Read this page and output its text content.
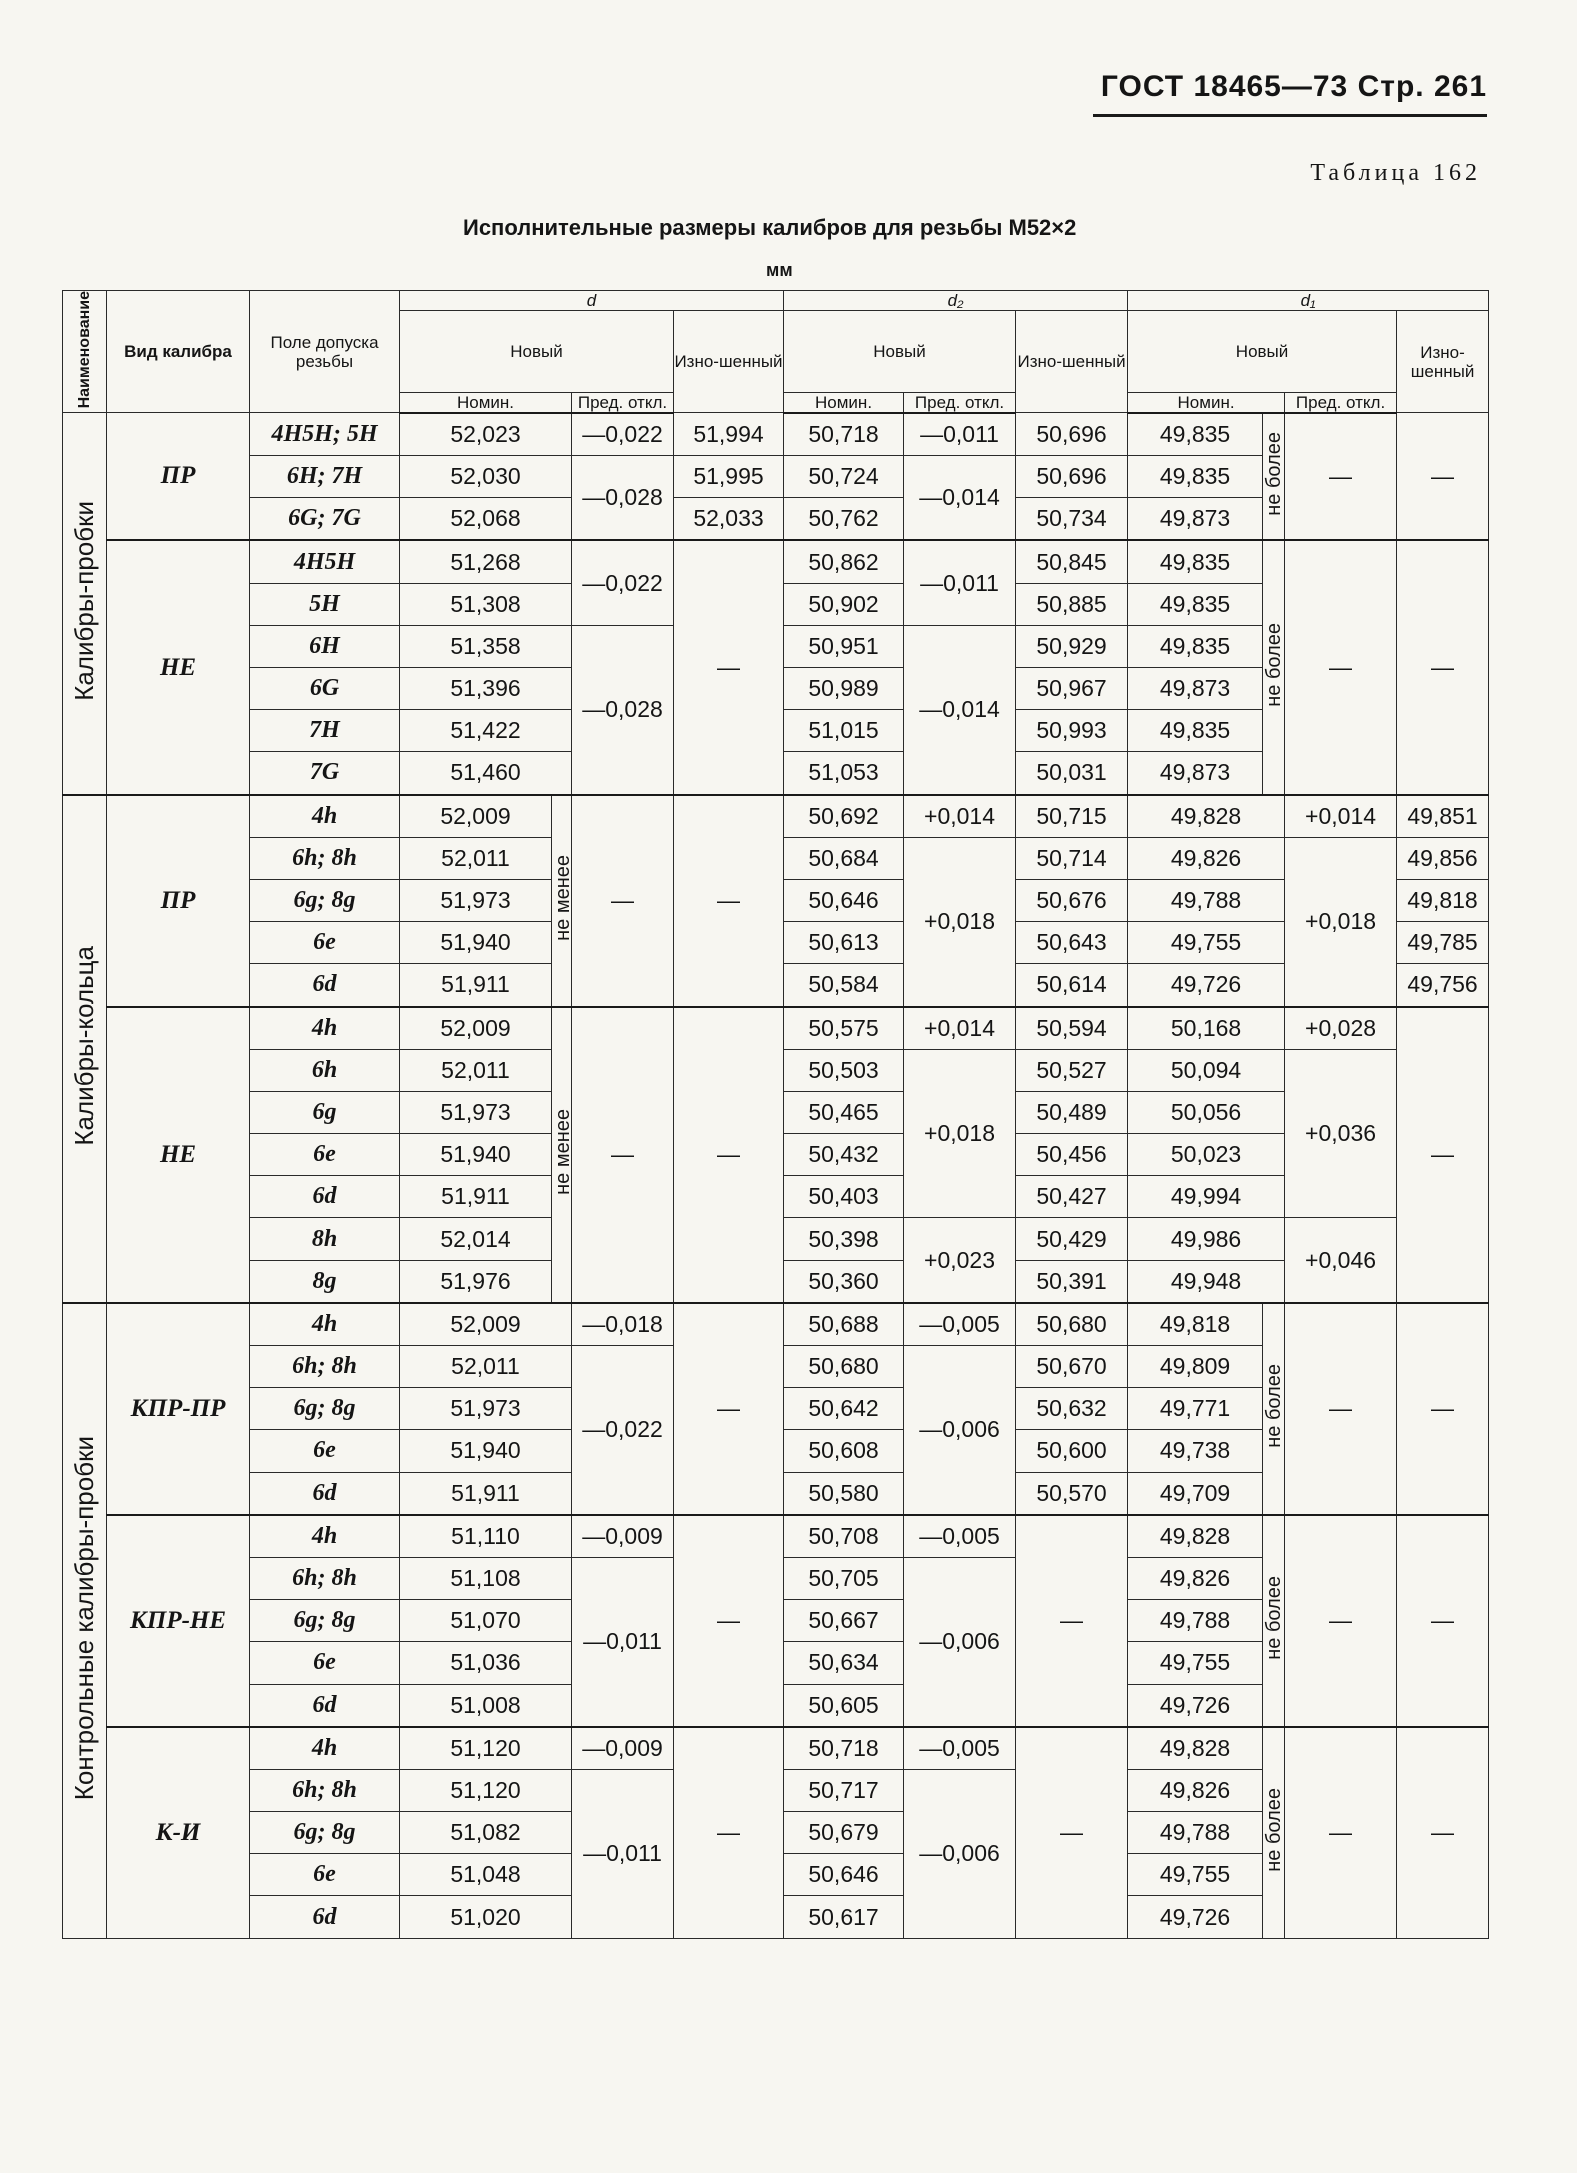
ГОСТ 18465—73 Стр. 261
Таблица 162
Исполнительные размеры калибров для резьбы М52×2
мм
Наименование	Вид калибра	Поле допуска резьбы	d				d₂			d₁			
			Новый			Изно-шенный	Новый		Изно-шенный	Новый			Изно-шенный
			Номин.		Пред. откл.		Номин.	Пред. откл.		Номин.		Пред. откл.	
Калибры-пробки	ПР	4H5H; 5H	52,023		—0,022	51,994	50,718	—0,011	50,696	49,835	не более	—	—
		6H; 7H	52,030		—0,028	51,995	50,724	—0,014	50,696	49,835			
		6G; 7G	52,068			52,033	50,762		50,734	49,873			
	НЕ	4H5H	51,268		—0,022	—	50,862	—0,011	50,845	49,835	не более	—	—
		5H	51,308				50,902		50,885	49,835			
		6H	51,358		—0,028		50,951	—0,014	50,929	49,835			
		6G	51,396				50,989		50,967	49,873			
		7H	51,422				51,015		50,993	49,835			
		7G	51,460				51,053		50,031	49,873			
Калибры-кольца	ПР	4h	52,009	не менее	—	—	50,692	+0,014	50,715	49,828		+0,014	49,851
		6h; 8h	52,011				50,684	+0,018	50,714	49,826		+0,018	49,856
		6g; 8g	51,973				50,646		50,676	49,788			49,818
		6e	51,940				50,613		50,643	49,755			49,785
		6d	51,911				50,584		50,614	49,726			49,756
	НЕ	4h	52,009	не менее	—	—	50,575	+0,014	50,594	50,168		+0,028	—
		6h	52,011				50,503	+0,018	50,527	50,094		+0,036	
		6g	51,973				50,465		50,489	50,056			
		6e	51,940				50,432		50,456	50,023			
		6d	51,911				50,403		50,427	49,994			
		8h	52,014				50,398	+0,023	50,429	49,986		+0,046	
		8g	51,976				50,360		50,391	49,948			
Контрольные калибры-пробки	КПР-ПР	4h	52,009		—0,018	—	50,688	—0,005	50,680	49,818	не более	—	—
		6h; 8h	52,011		—0,022		50,680	—0,006	50,670	49,809			
		6g; 8g	51,973				50,642		50,632	49,771			
		6e	51,940				50,608		50,600	49,738			
		6d	51,911				50,580		50,570	49,709			
	КПР-НЕ	4h	51,110		—0,009	—	50,708	—0,005	—	49,828	не более	—	—
		6h; 8h	51,108		—0,011		50,705	—0,006		49,826			
		6g; 8g	51,070				50,667			49,788			
		6e	51,036				50,634			49,755			
		6d	51,008				50,605			49,726			
	К-И	4h	51,120		—0,009	—	50,718	—0,005	—	49,828	не более	—	—
		6h; 8h	51,120		—0,011		50,717	—0,006		49,826			
		6g; 8g	51,082				50,679			49,788			
		6e	51,048				50,646			49,755			
		6d	51,020				50,617			49,726			
